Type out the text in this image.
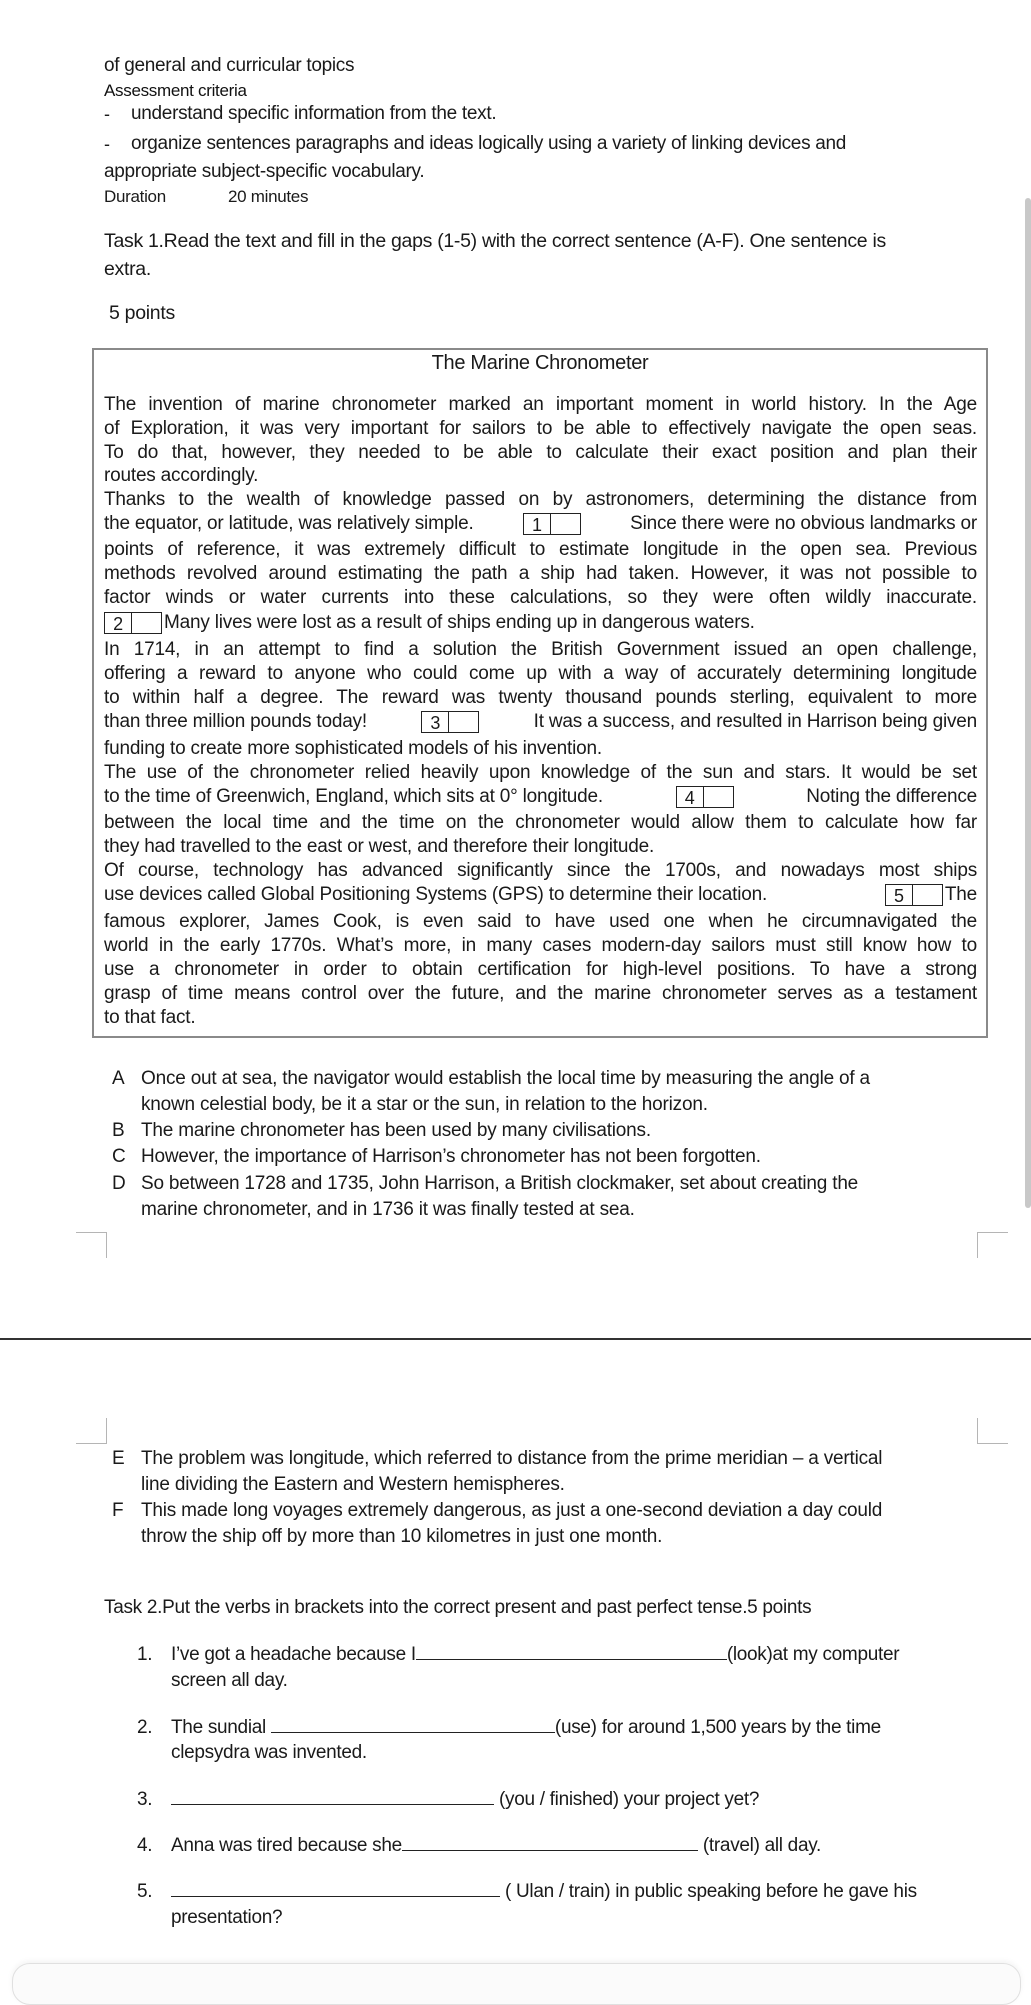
of general and curricular topics
Assessment criteria
- understand specific information from the text.
- organize sentences paragraphs and ideas logically using a variety of linking devices and
appropriate subject-specific vocabulary.
Duration	20 minutes
Task 1.Read the text and fill in the gaps (1-5) with the correct sentence (A-F). One sentence is
extra.
5 points
The Marine Chronometer
The invention of marine chronometer marked an important moment in world history. In the Age
of Exploration, it was very important for sailors to be able to effectively navigate the open seas.
To do that, however, they needed to be able to calculate their exact position and plan their
routes accordingly.
Thanks to the wealth of knowledge passed on by astronomers, determining the distance from
the equator, or latitude, was relatively simple.	1	Since there were no obvious landmarks or
points of reference, it was extremely difficult to estimate longitude in the open sea. Previous
methods revolved around estimating the path a ship had taken. However, it was not possible to
factor winds or water currents into these calculations, so they were often wildly inaccurate.
2	Many lives were lost as a result of ships ending up in dangerous waters.
In 1714, in an attempt to find a solution the British Government issued an open challenge,
offering a reward to anyone who could come up with a way of accurately determining longitude
to within half a degree. The reward was twenty thousand pounds sterling, equivalent to more
than three million pounds today!	3	It was a success, and resulted in Harrison being given
funding to create more sophisticated models of his invention.
The use of the chronometer relied heavily upon knowledge of the sun and stars. It would be set
to the time of Greenwich, England, which sits at 0° longitude.	4	Noting the difference
between the local time and the time on the chronometer would allow them to calculate how far
they had travelled to the east or west, and therefore their longitude.
Of course, technology has advanced significantly since the 1700s, and nowadays most ships
use devices called Global Positioning Systems (GPS) to determine their location.	5	The
famous explorer, James Cook, is even said to have used one when he circumnavigated the
world in the early 1770s. What’s more, in many cases modern-day sailors must still know how to
use a chronometer in order to obtain certification for high-level positions. To have a strong
grasp of time means control over the future, and the marine chronometer serves as a testament
to that fact.
A Once out at sea, the navigator would establish the local time by measuring the angle of a
known celestial body, be it a star or the sun, in relation to the horizon.
B The marine chronometer has been used by many civilisations.
C However, the importance of Harrison’s chronometer has not been forgotten.
D So between 1728 and 1735, John Harrison, a British clockmaker, set about creating the
marine chronometer, and in 1736 it was finally tested at sea.
E The problem was longitude, which referred to distance from the prime meridian – a vertical
line dividing the Eastern and Western hemispheres.
F This made long voyages extremely dangerous, as just a one-second deviation a day could
throw the ship off by more than 10 kilometres in just one month.
Task 2.Put the verbs in brackets into the correct present and past perfect tense.5 points
1. I’ve got a headache because I	(look)at my computer
screen all day.
2. The sundial	(use) for around 1,500 years by the time
clepsydra was invented.
3.	(you / finished) your project yet?
4. Anna was tired because she	(travel) all day.
5.	( Ulan / train) in public speaking before he gave his
presentation?
